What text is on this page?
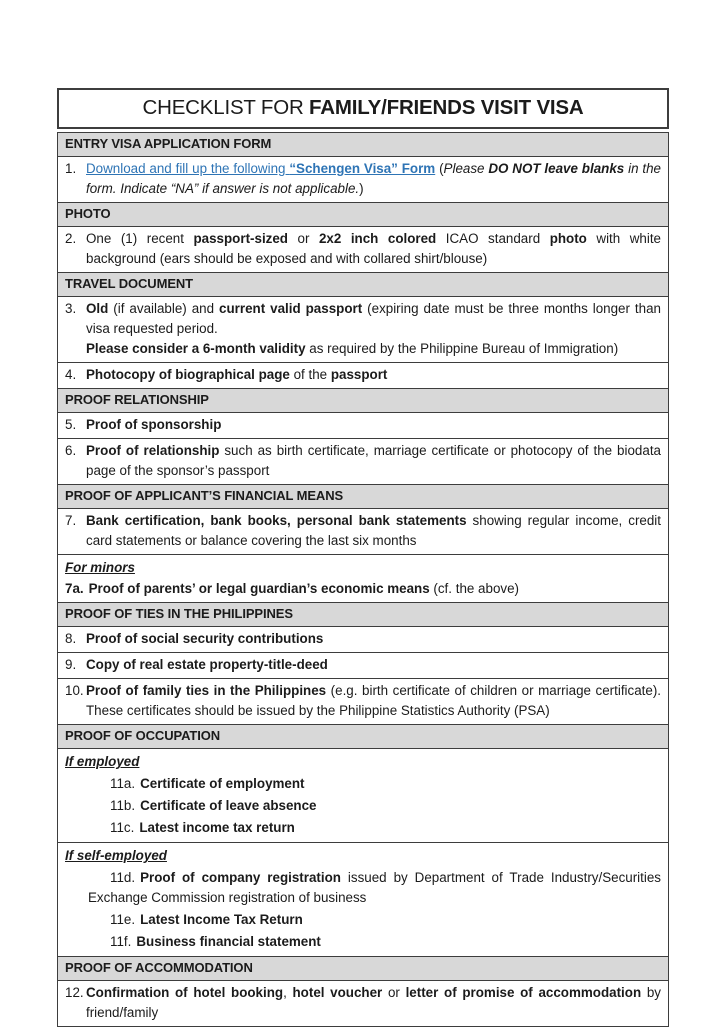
CHECKLIST FOR FAMILY/FRIENDS VISIT VISA
ENTRY VISA APPLICATION FORM
1. Download and fill up the following “Schengen Visa” Form (Please DO NOT leave blanks in the form. Indicate “NA” if answer is not applicable.)
PHOTO
2. One (1) recent passport-sized or 2x2 inch colored ICAO standard photo with white background (ears should be exposed and with collared shirt/blouse)
TRAVEL DOCUMENT
3. Old (if available) and current valid passport (expiring date must be three months longer than visa requested period.
Please consider a 6-month validity as required by the Philippine Bureau of Immigration)
4. Photocopy of biographical page of the passport
PROOF RELATIONSHIP
5. Proof of sponsorship
6. Proof of relationship such as birth certificate, marriage certificate or photocopy of the biodata page of the sponsor’s passport
PROOF OF APPLICANT’S FINANCIAL MEANS
7. Bank certification, bank books, personal bank statements showing regular income, credit card statements or balance covering the last six months
For minors
7a. Proof of parents’ or legal guardian’s economic means (cf. the above)
PROOF OF TIES IN THE PHILIPPINES
8. Proof of social security contributions
9. Copy of real estate property-title-deed
10. Proof of family ties in the Philippines (e.g. birth certificate of children or marriage certificate). These certificates should be issued by the Philippine Statistics Authority (PSA)
PROOF OF OCCUPATION
If employed
11a. Certificate of employment
11b. Certificate of leave absence
11c. Latest income tax return
If self-employed
11d. Proof of company registration issued by Department of Trade Industry/Securities Exchange Commission registration of business
11e. Latest Income Tax Return
11f. Business financial statement
PROOF OF ACCOMMODATION
12. Confirmation of hotel booking, hotel voucher or letter of promise of accommodation by friend/family
